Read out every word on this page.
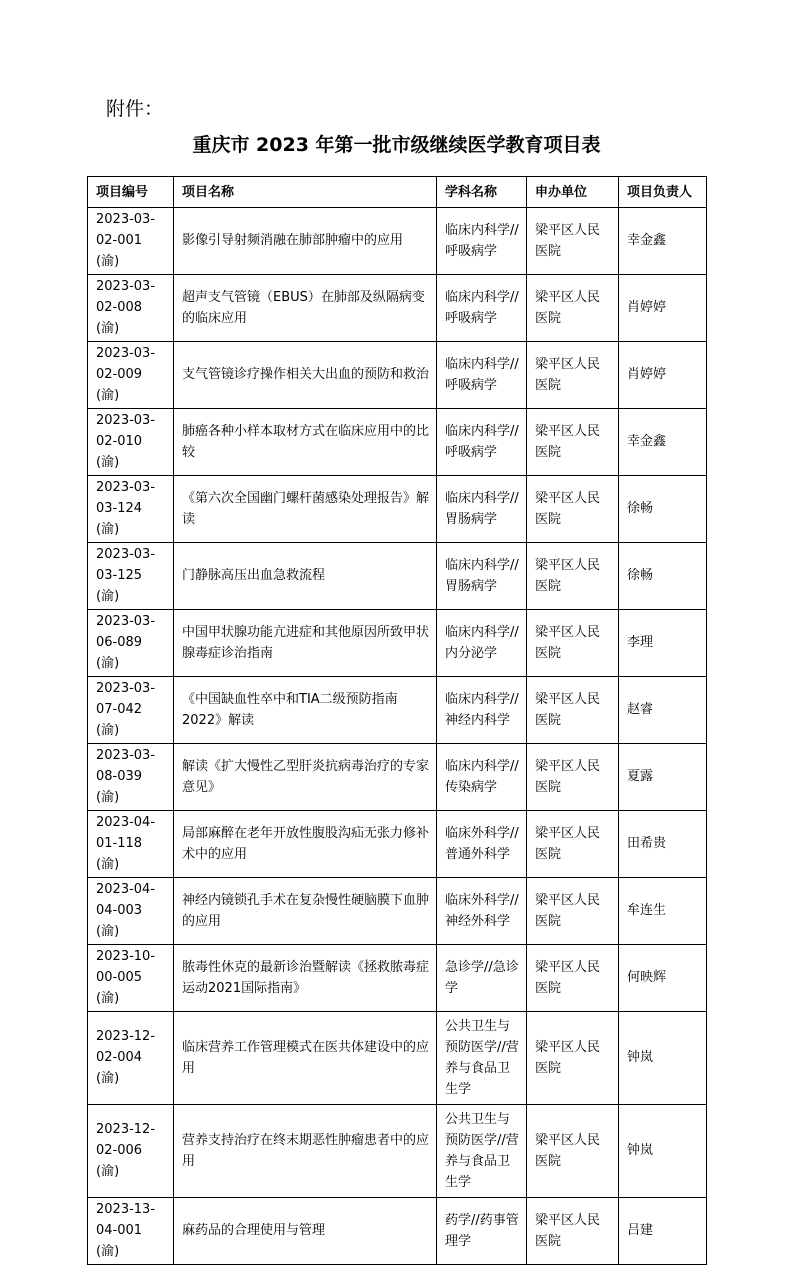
附件：
重庆市 2023 年第一批市级继续医学教育项目表
项目编号	项目名称	学科名称	申办单位	项目负责人
2023-03-02-001 (渝)	影像引导射频消融在肺部肿瘤中的应用	临床内科学//呼吸病学	梁平区人民医院	幸金鑫
2023-03-02-008 (渝)	超声支气管镜（EBUS）在肺部及纵隔病变的临床应用	临床内科学//呼吸病学	梁平区人民医院	肖婷婷
2023-03-02-009 (渝)	支气管镜诊疗操作相关大出血的预防和救治	临床内科学//呼吸病学	梁平区人民医院	肖婷婷
2023-03-02-010 (渝)	肺癌各种小样本取材方式在临床应用中的比较	临床内科学//呼吸病学	梁平区人民医院	幸金鑫
2023-03-03-124 (渝)	《第六次全国幽门螺杆菌感染处理报告》解读	临床内科学//胃肠病学	梁平区人民医院	徐畅
2023-03-03-125 (渝)	门静脉高压出血急救流程	临床内科学//胃肠病学	梁平区人民医院	徐畅
2023-03-06-089 (渝)	中国甲状腺功能亢进症和其他原因所致甲状腺毒症诊治指南	临床内科学//内分泌学	梁平区人民医院	李理
2023-03-07-042 (渝)	《中国缺血性卒中和TIA二级预防指南2022》解读	临床内科学//神经内科学	梁平区人民医院	赵睿
2023-03-08-039 (渝)	解读《扩大慢性乙型肝炎抗病毒治疗的专家意见》	临床内科学//传染病学	梁平区人民医院	夏露
2023-04-01-118 (渝)	局部麻醉在老年开放性腹股沟疝无张力修补术中的应用	临床外科学//普通外科学	梁平区人民医院	田希贵
2023-04-04-003 (渝)	神经内镜锁孔手术在复杂慢性硬脑膜下血肿的应用	临床外科学//神经外科学	梁平区人民医院	牟连生
2023-10-00-005 (渝)	脓毒性休克的最新诊治暨解读《拯救脓毒症运动2021国际指南》	急诊学//急诊学	梁平区人民医院	何映辉
2023-12-02-004 (渝)	临床营养工作管理模式在医共体建设中的应用	公共卫生与预防医学//营养与食品卫生学	梁平区人民医院	钟岚
2023-12-02-006 (渝)	营养支持治疗在终末期恶性肿瘤患者中的应用	公共卫生与预防医学//营养与食品卫生学	梁平区人民医院	钟岚
2023-13-04-001 (渝)	麻药品的合理使用与管理	药学//药事管理学	梁平区人民医院	吕建
